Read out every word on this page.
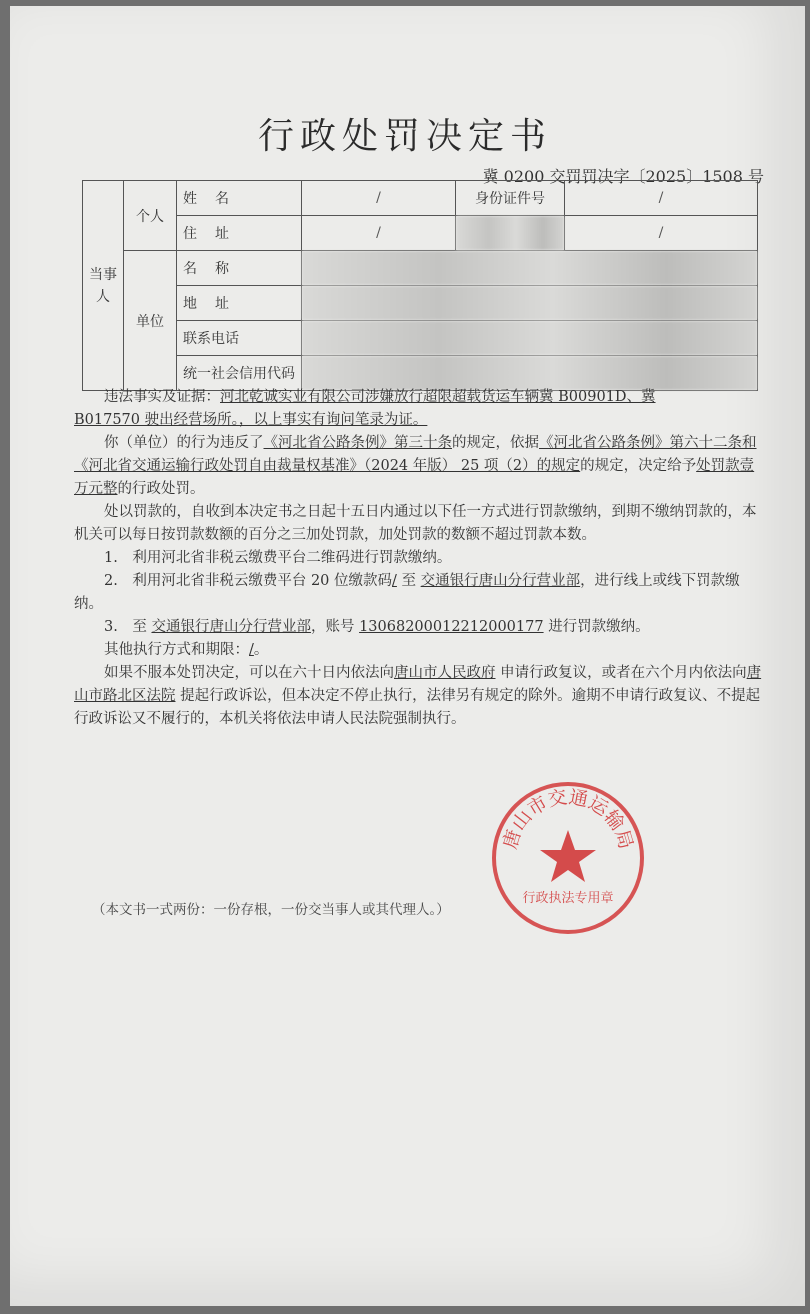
行政处罚决定书
冀 0200 交罚罚决字〔2025〕1508 号
当事人	个人	姓名	/	身份证件号	/
		住址	/		/
	单位	名称			
		地址			
		联系电话			
		统一社会信用代码			

违法事实及证据：河北乾诚实业有限公司涉嫌放行超限超载货运车辆冀 B00901D、冀
B017570 驶出经营场所。，以上事实有询问笔录为证。

你（单位）的行为违反了《河北省公路条例》第三十条的规定，依据《河北省公路条例》第六十二条和《河北省交通运输行政处罚自由裁量权基准》（2024 年版） 25 项（2）的规定的规定，决定给予处罚款壹万元整的行政处罚。

处以罚款的，自收到本决定书之日起十五日内通过以下任一方式进行罚款缴纳，到期不缴纳罚款的，本机关可以每日按罚款数额的百分之三加处罚款，加处罚款的数额不超过罚款本数。

1.　利用河北省非税云缴费平台二维码进行罚款缴纳。

2.　利用河北省非税云缴费平台 20 位缴款码/ 至 交通银行唐山分行营业部，进行线上或线下罚款缴纳。

3.　至 交通银行唐山分行营业部，账号 13068200012212000177 进行罚款缴纳。

其他执行方式和期限：/。

如果不服本处罚决定，可以在六十日内依法向唐山市人民政府 申请行政复议，或者在六个月内依法向唐山市路北区法院 提起行政诉讼，但本决定不停止执行，法律另有规定的除外。逾期不申请行政复议、不提起行政诉讼又不履行的，本机关将依法申请人民法院强制执行。

唐山市交通运输局
行政执法专用章
（本文书一式两份：一份存根，一份交当事人或其代理人。）
